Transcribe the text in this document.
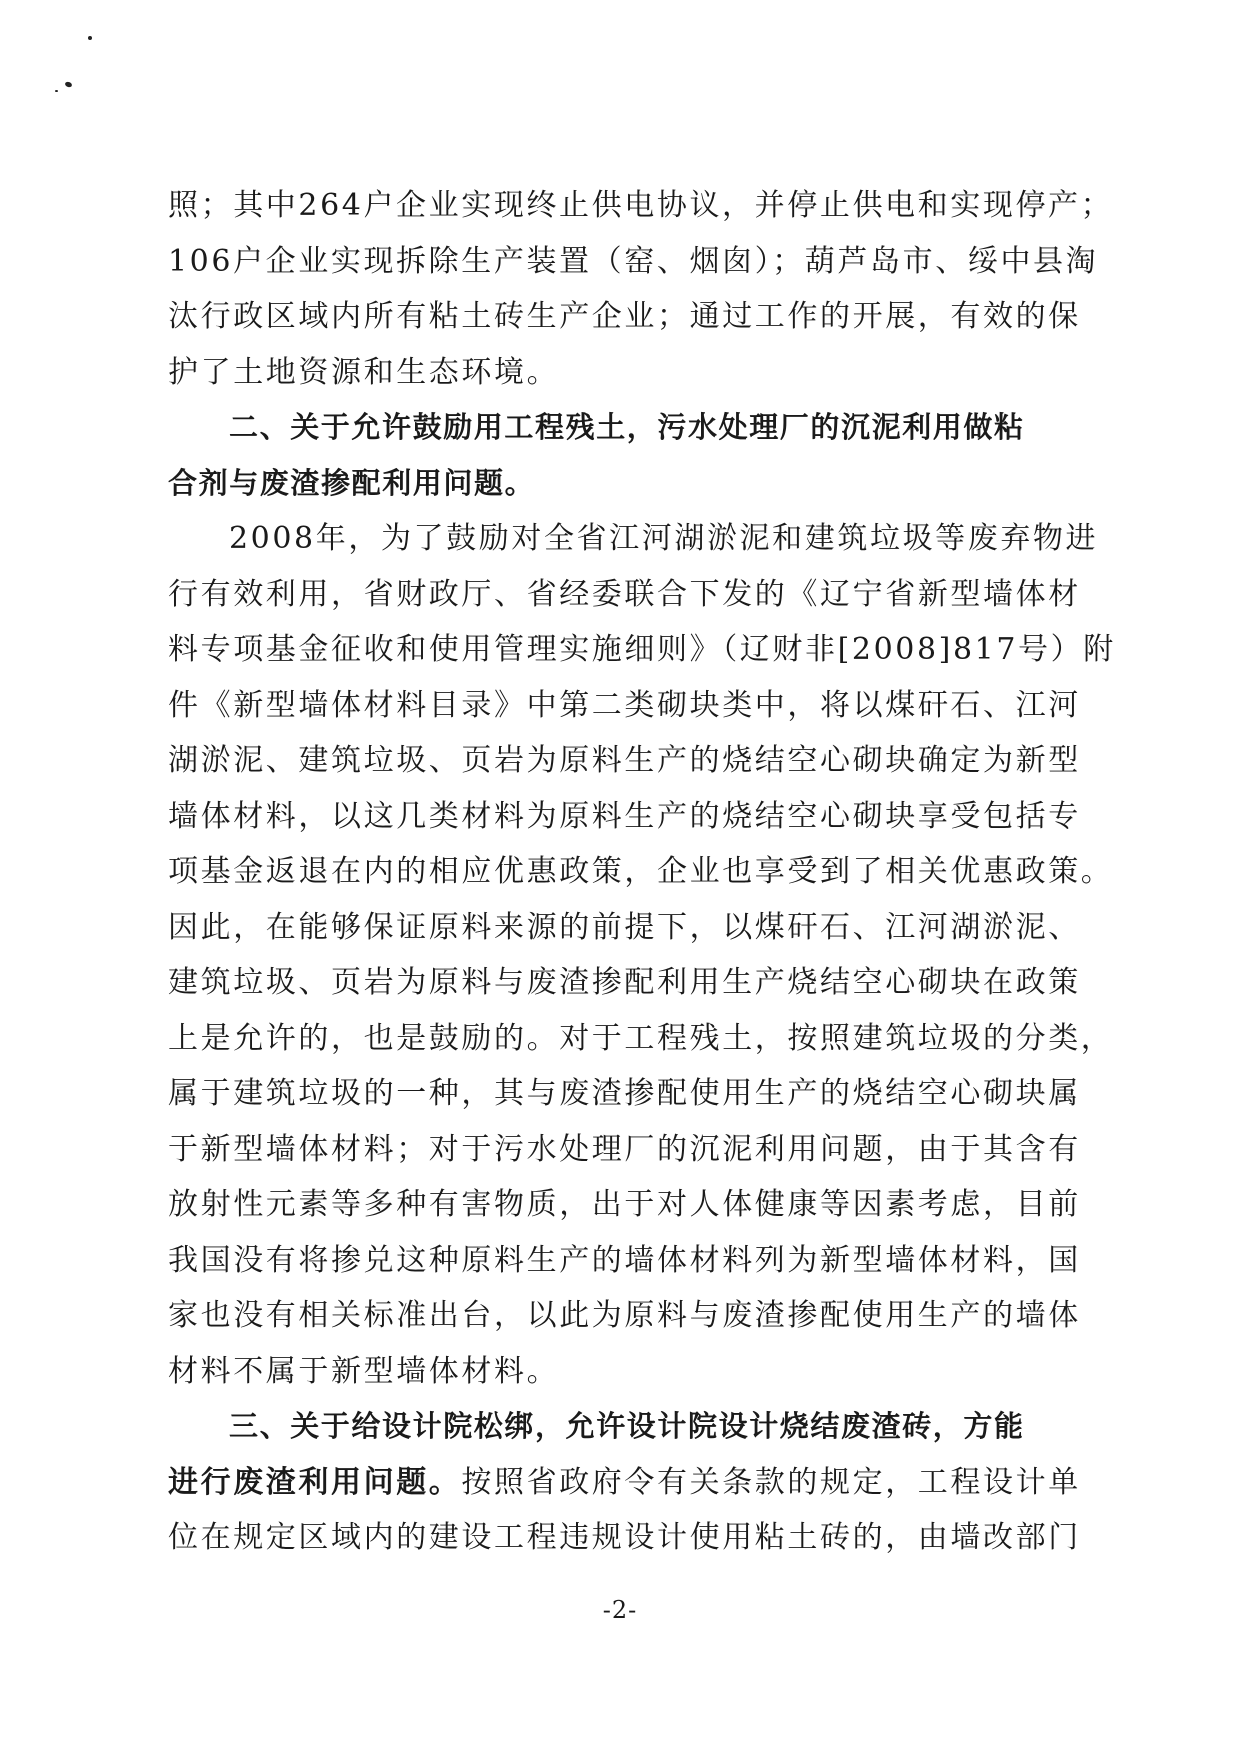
照；其中264户企业实现终止供电协议，并停止供电和实现停产；
106户企业实现拆除生产装置（窑、烟囱）；葫芦岛市、绥中县淘
汰行政区域内所有粘土砖生产企业；通过工作的开展，有效的保
护了土地资源和生态环境。
二、关于允许鼓励用工程残土，污水处理厂的沉泥利用做粘
合剂与废渣掺配利用问题。
2008年，为了鼓励对全省江河湖淤泥和建筑垃圾等废弃物进
行有效利用，省财政厅、省经委联合下发的《辽宁省新型墙体材
料专项基金征收和使用管理实施细则》（辽财非[2008]817号）附
件《新型墙体材料目录》中第二类砌块类中，将以煤矸石、江河
湖淤泥、建筑垃圾、页岩为原料生产的烧结空心砌块确定为新型
墙体材料，以这几类材料为原料生产的烧结空心砌块享受包括专
项基金返退在内的相应优惠政策，企业也享受到了相关优惠政策。
因此，在能够保证原料来源的前提下，以煤矸石、江河湖淤泥、
建筑垃圾、页岩为原料与废渣掺配利用生产烧结空心砌块在政策
上是允许的，也是鼓励的。对于工程残土，按照建筑垃圾的分类，
属于建筑垃圾的一种，其与废渣掺配使用生产的烧结空心砌块属
于新型墙体材料；对于污水处理厂的沉泥利用问题，由于其含有
放射性元素等多种有害物质，出于对人体健康等因素考虑，目前
我国没有将掺兑这种原料生产的墙体材料列为新型墙体材料，国
家也没有相关标准出台，以此为原料与废渣掺配使用生产的墙体
材料不属于新型墙体材料。
三、关于给设计院松绑，允许设计院设计烧结废渣砖，方能
进行废渣利用问题。按照省政府令有关条款的规定，工程设计单
位在规定区域内的建设工程违规设计使用粘土砖的，由墙改部门
-2-
